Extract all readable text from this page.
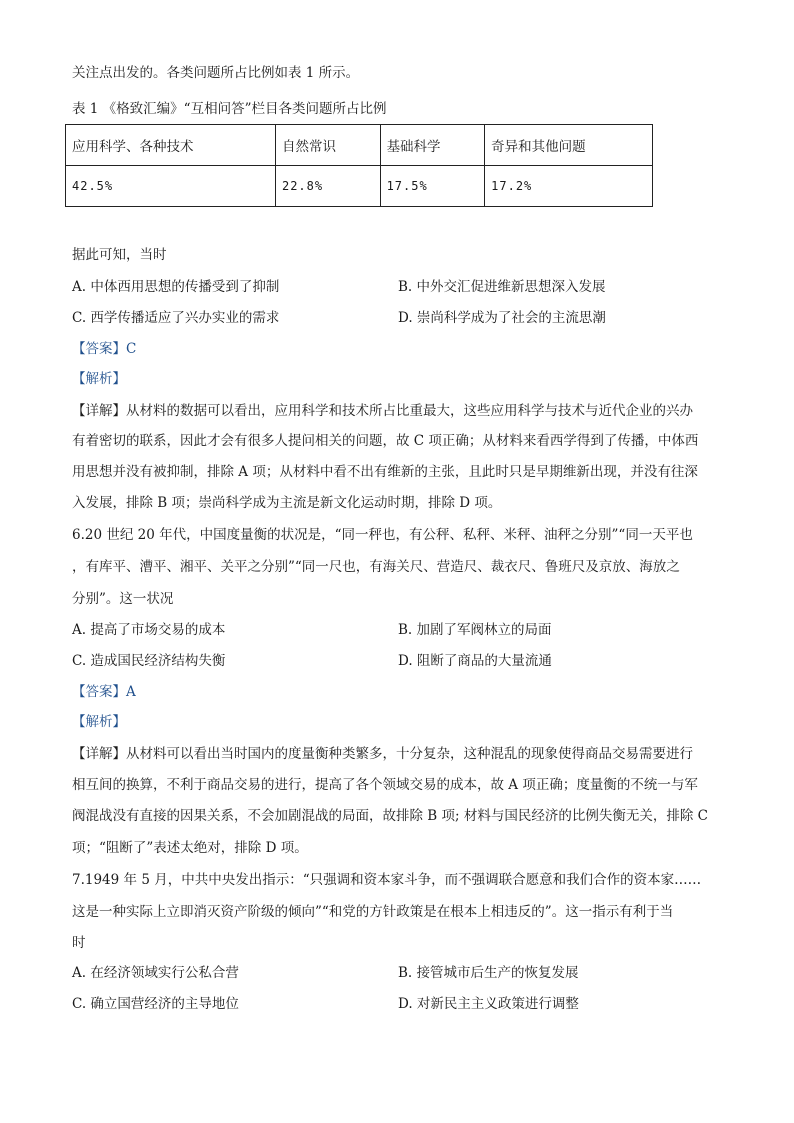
关注点出发的。各类问题所占比例如表 1 所示。
表 1 《格致汇编》“互相问答”栏目各类问题所占比例
应用科学、各种技术	自然常识	基础科学	奇异和其他问题
42.5%	22.8%	17.5%	17.2%
据此可知，当时
A. 中体西用思想的传播受到了抑制	B. 中外交汇促进维新思想深入发展
C. 西学传播适应了兴办实业的需求	D. 崇尚科学成为了社会的主流思潮
【答案】C
【解析】
【详解】从材料的数据可以看出，应用科学和技术所占比重最大，这些应用科学与技术与近代企业的兴办
有着密切的联系，因此才会有很多人提问相关的问题，故 C 项正确；从材料来看西学得到了传播，中体西
用思想并没有被抑制，排除 A 项；从材料中看不出有维新的主张，且此时只是早期维新出现，并没有往深
入发展，排除 B 项；崇尚科学成为主流是新文化运动时期，排除 D 项。
6.20 世纪 20 年代，中国度量衡的状况是，“同一秤也，有公秤、私秤、米秤、油秤之分别”“同一天平也
，有库平、漕平、湘平、关平之分别”“同一尺也，有海关尺、营造尺、裁衣尺、鲁班尺及京放、海放之
分别”。这一状况
A. 提高了市场交易的成本	B. 加剧了军阀林立的局面
C. 造成国民经济结构失衡	D. 阻断了商品的大量流通
【答案】A
【解析】
【详解】从材料可以看出当时国内的度量衡种类繁多，十分复杂，这种混乱的现象使得商品交易需要进行
相互间的换算，不利于商品交易的进行，提高了各个领域交易的成本，故 A 项正确；度量衡的不统一与军
阀混战没有直接的因果关系，不会加剧混战的局面，故排除 B 项; 材料与国民经济的比例失衡无关，排除 C
项；“阻断了”表述太绝对，排除 D 项。
7.1949 年 5 月，中共中央发出指示：“只强调和资本家斗争，而不强调联合愿意和我们合作的资本家……
这是一种实际上立即消灭资产阶级的倾向”“和党的方针政策是在根本上相违反的”。这一指示有利于当
时
A. 在经济领域实行公私合营	B. 接管城市后生产的恢复发展
C. 确立国营经济的主导地位	D. 对新民主主义政策进行调整
